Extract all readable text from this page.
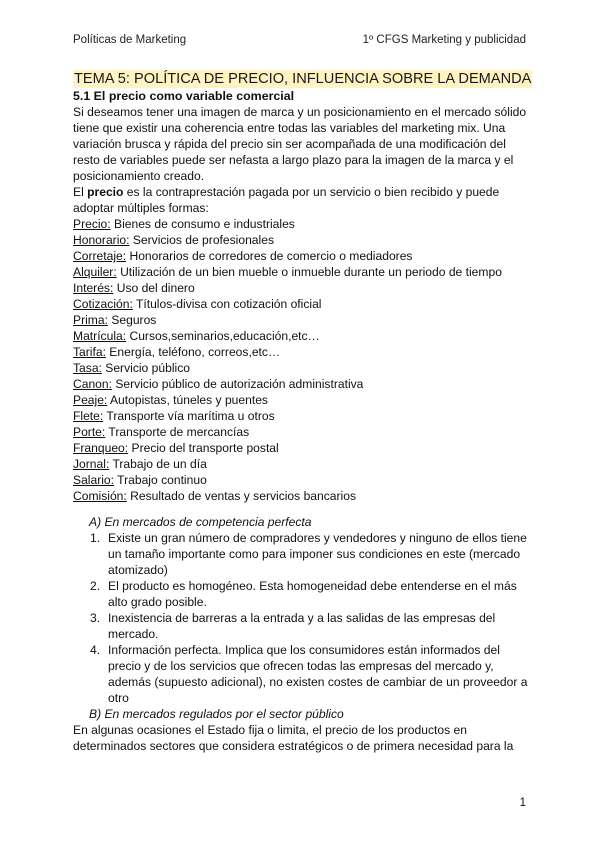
Políticas de Marketing	1º CFGS Marketing y publicidad
TEMA 5: POLÍTICA DE PRECIO, INFLUENCIA SOBRE LA DEMANDA
5.1 El precio como variable comercial

Si deseamos tener una imagen de marca y un posicionamiento en el mercado sólido tiene que existir una coherencia entre todas las variables del marketing mix. Una variación brusca y rápida del precio sin ser acompañada de una modificación del resto de variables puede ser nefasta a largo plazo para la imagen de la marca y el posicionamiento creado.

El precio es la contraprestación pagada por un servicio o bien recibido y puede adoptar múltiples formas:

Precio: Bienes de consumo e industriales
Honorario: Servicios de profesionales
Corretaje: Honorarios de corredores de comercio o mediadores
Alquiler: Utilización de un bien mueble o inmueble durante un periodo de tiempo
Interés: Uso del dinero
Cotización: Títulos-divisa con cotización oficial
Prima: Seguros
Matrícula: Cursos,seminarios,educación,etc…
Tarifa: Energía, teléfono, correos,etc…
Tasa: Servicio público
Canon: Servicio público de autorización administrativa
Peaje: Autopistas, túneles y puentes
Flete: Transporte vía marítima u otros
Porte: Transporte de mercancías
Franqueo: Precio del transporte postal
Jornal: Trabajo de un día
Salario: Trabajo continuo
Comisión: Resultado de ventas y servicios bancarios

A) En mercados de competencia perfecta

1. Existe un gran número de compradores y vendedores y ninguno de ellos tiene un tamaño importante como para imponer sus condiciones en este (mercado atomizado)
2. El producto es homogéneo. Esta homogeneidad debe entenderse en el más alto grado posible.
3. Inexistencia de barreras a la entrada y a las salidas de las empresas del mercado.
4. Información perfecta. Implica que los consumidores están informados del precio y de los servicios que ofrecen todas las empresas del mercado y, además (supuesto adicional), no existen costes de cambiar de un proveedor a otro

B) En mercados regulados por el sector público

En algunas ocasiones el Estado fija o limita, el precio de los productos en determinados sectores que considera estratégicos o de primera necesidad para la

1
